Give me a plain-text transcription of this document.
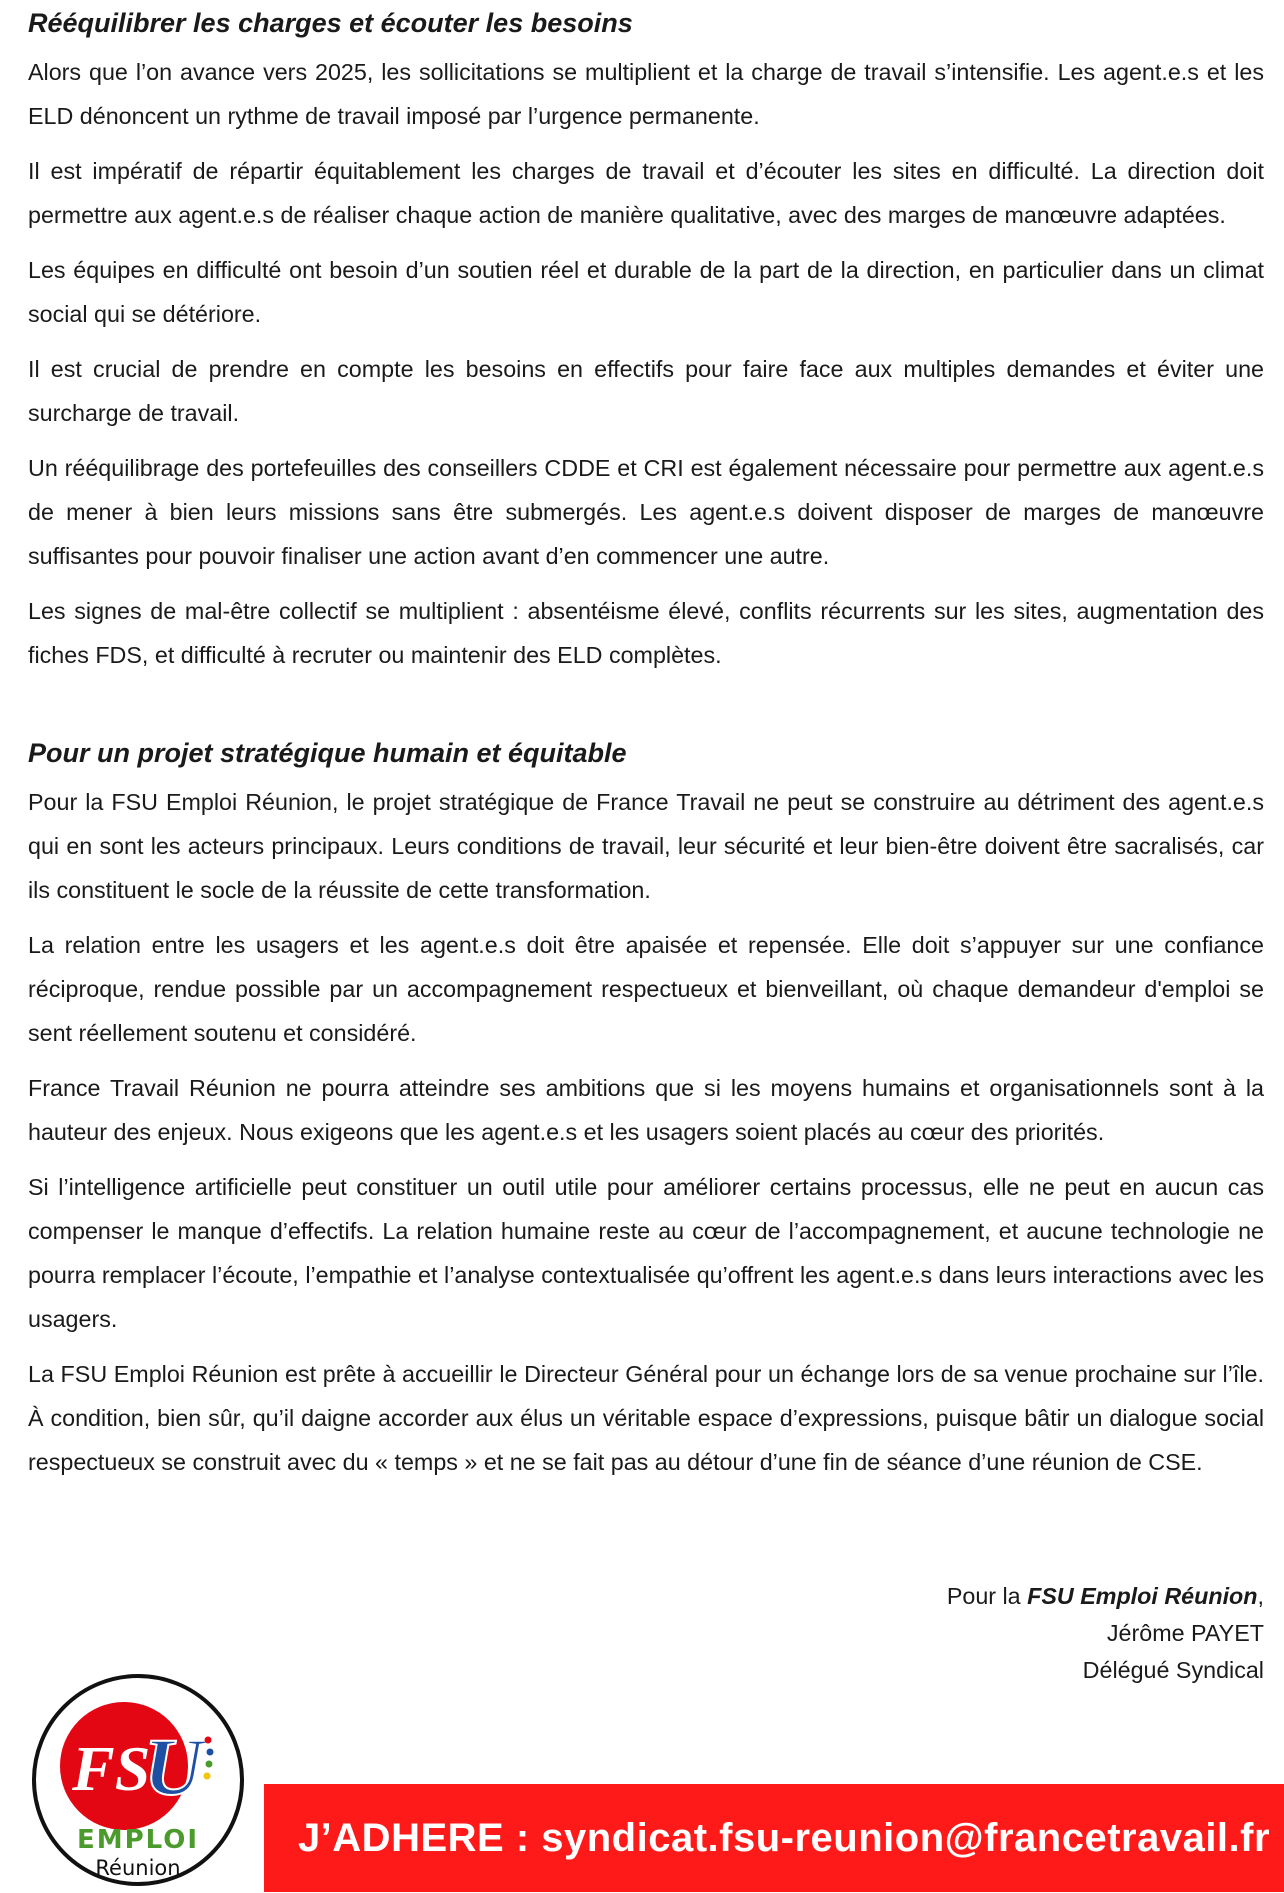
Rééquilibrer les charges et écouter les besoins

Alors que l’on avance vers 2025, les sollicitations se multiplient et la charge de travail s’intensifie. Les agent.e.s et les ELD dénoncent un rythme de travail imposé par l’urgence permanente.

Il est impératif de répartir équitablement les charges de travail et d’écouter les sites en difficulté. La direction doit permettre aux agent.e.s de réaliser chaque action de manière qualitative, avec des marges de manœuvre adaptées.

Les équipes en difficulté ont besoin d’un soutien réel et durable de la part de la direction, en particulier dans un climat social qui se détériore.

Il est crucial de prendre en compte les besoins en effectifs pour faire face aux multiples demandes et éviter une surcharge de travail.

Un rééquilibrage des portefeuilles des conseillers CDDE et CRI est également nécessaire pour permettre aux agent.e.s de mener à bien leurs missions sans être submergés. Les agent.e.s doivent disposer de marges de manœuvre suffisantes pour pouvoir finaliser une action avant d’en commencer une autre.

Les signes de mal-être collectif se multiplient : absentéisme élevé, conflits récurrents sur les sites, augmentation des fiches FDS, et difficulté à recruter ou maintenir des ELD complètes.

Pour un projet stratégique humain et équitable

Pour la FSU Emploi Réunion, le projet stratégique de France Travail ne peut se construire au détriment des agent.e.s qui en sont les acteurs principaux. Leurs conditions de travail, leur sécurité et leur bien-être doivent être sacralisés, car ils constituent le socle de la réussite de cette transformation.

La relation entre les usagers et les agent.e.s doit être apaisée et repensée. Elle doit s’appuyer sur une confiance réciproque, rendue possible par un accompagnement respectueux et bienveillant, où chaque demandeur d'emploi se sent réellement soutenu et considéré.

France Travail Réunion ne pourra atteindre ses ambitions que si les moyens humains et organisationnels sont à la hauteur des enjeux. Nous exigeons que les agent.e.s et les usagers soient placés au cœur des priorités.

Si l’intelligence artificielle peut constituer un outil utile pour améliorer certains processus, elle ne peut en aucun cas compenser le manque d’effectifs. La relation humaine reste au cœur de l’accompagnement, et aucune technologie ne pourra remplacer l’écoute, l’empathie et l’analyse contextualisée qu’offrent les agent.e.s dans leurs interactions avec les usagers.

La FSU Emploi Réunion est prête à accueillir le Directeur Général pour un échange lors de sa venue prochaine sur l’île. À condition, bien sûr, qu’il daigne accorder aux élus un véritable espace d’expressions, puisque bâtir un dialogue social respectueux se construit avec du « temps » et ne se fait pas au détour d’une fin de séance d’une réunion de CSE.

Pour la FSU Emploi Réunion,
Jérôme PAYET
Délégué Syndical
J’ADHERE : syndicat.fsu-reunion@francetravail.fr
FS
U
EMPLOI
Réunion
